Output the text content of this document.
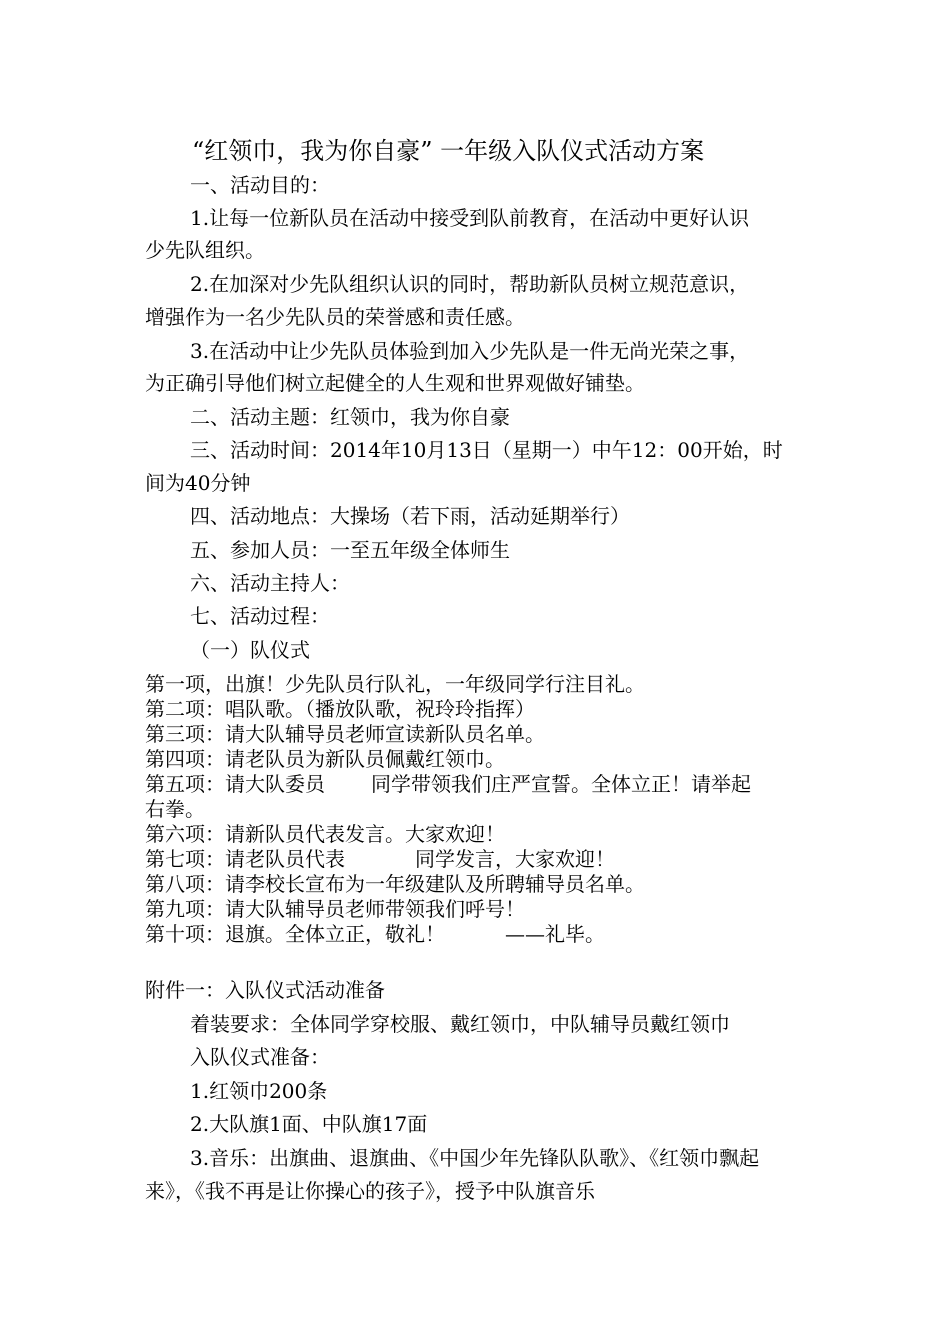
“红领巾，我为你自豪” 一年级入队仪式活动方案
一、活动目的：
1.让每一位新队员在活动中接受到队前教育，在活动中更好认识
少先队组织。
2.在加深对少先队组织认识的同时，帮助新队员树立规范意识，
增强作为一名少先队员的荣誉感和责任感。
3.在活动中让少先队员体验到加入少先队是一件无尚光荣之事，
为正确引导他们树立起健全的人生观和世界观做好铺垫。
二、活动主题：红领巾，我为你自豪
三、活动时间：2014年10月13日（星期一）中午12：00开始，时
间为40分钟
四、活动地点：大操场（若下雨，活动延期举行）
五、参加人员：一至五年级全体师生
六、活动主持人：
七、活动过程：
（一）队仪式
第一项，出旗！少先队员行队礼，一年级同学行注目礼。
第二项：唱队歌。（播放队歌，祝玲玲指挥）
第三项：请大队辅导员老师宣读新队员名单。
第四项：请老队员为新队员佩戴红领巾。
第五项：请大队委员 同学带领我们庄严宣誓。全体立正！请举起
右拳。
第六项：请新队员代表发言。大家欢迎！
第七项：请老队员代表	同学发言，大家欢迎！
第八项：请李校长宣布为一年级建队及所聘辅导员名单。
第九项：请大队辅导员老师带领我们呼号！
第十项：退旗。全体立正，敬礼！	——礼毕。
附件一：入队仪式活动准备
着装要求：全体同学穿校服、戴红领巾，中队辅导员戴红领巾
入队仪式准备：
1.红领巾200条
2.大队旗1面、中队旗17面
3.音乐：出旗曲、退旗曲、《中国少年先锋队队歌》、《红领巾飘起
来》，《我不再是让你操心的孩子》，授予中队旗音乐
